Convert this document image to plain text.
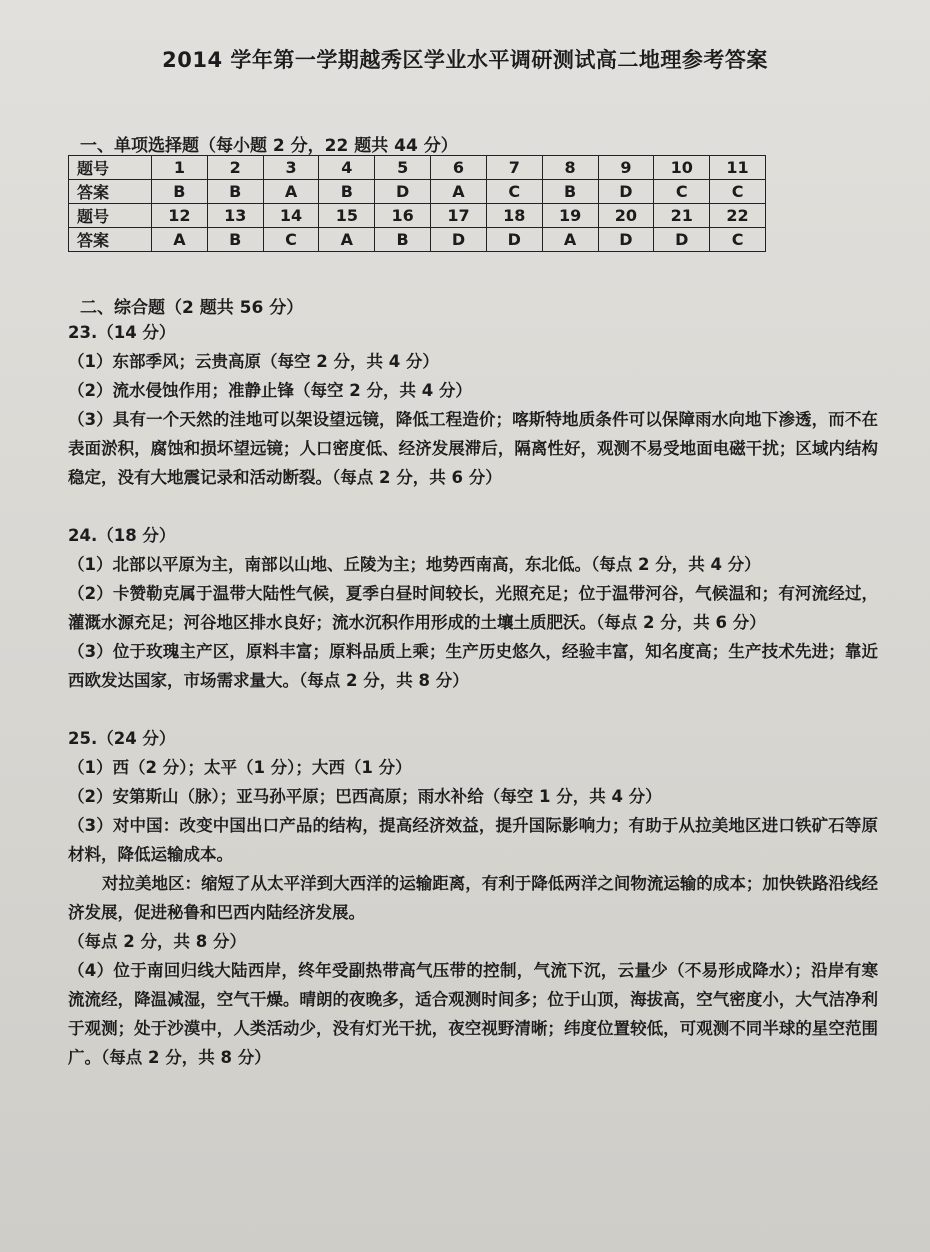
2014 学年第一学期越秀区学业水平调研测试高二地理参考答案
一、单项选择题（每小题 2 分，22 题共 44 分）
题号	1	2	3	4	5	6	7	8	9	10	11
答案	B	B	A	B	D	A	C	B	D	C	C
题号	12	13	14	15	16	17	18	19	20	21	22
答案	A	B	C	A	B	D	D	A	D	D	C
二、综合题（2 题共 56 分）

23.（14 分）

（1）东部季风；云贵高原（每空 2 分，共 4 分）

（2）流水侵蚀作用；准静止锋（每空 2 分，共 4 分）

（3）具有一个天然的洼地可以架设望远镜，降低工程造价；喀斯特地质条件可以保障雨水向地下渗透，而不在表面淤积，腐蚀和损坏望远镜；人口密度低、经济发展滞后，隔离性好，观测不易受地面电磁干扰；区域内结构稳定，没有大地震记录和活动断裂。（每点 2 分，共 6 分）

24.（18 分）

（1）北部以平原为主，南部以山地、丘陵为主；地势西南高，东北低。（每点 2 分，共 4 分）

（2）卡赞勒克属于温带大陆性气候，夏季白昼时间较长，光照充足；位于温带河谷，气候温和；有河流经过，灌溉水源充足；河谷地区排水良好；流水沉积作用形成的土壤土质肥沃。（每点 2 分，共 6 分）

（3）位于玫瑰主产区，原料丰富；原料品质上乘；生产历史悠久，经验丰富，知名度高；生产技术先进；靠近西欧发达国家，市场需求量大。（每点 2 分，共 8 分）

25.（24 分）

（1）西（2 分）；太平（1 分）；大西（1 分）

（2）安第斯山（脉）；亚马孙平原；巴西高原；雨水补给（每空 1 分，共 4 分）

（3）对中国：改变中国出口产品的结构，提高经济效益，提升国际影响力；有助于从拉美地区进口铁矿石等原材料，降低运输成本。

对拉美地区：缩短了从太平洋到大西洋的运输距离，有利于降低两洋之间物流运输的成本；加快铁路沿线经济发展，促进秘鲁和巴西内陆经济发展。

（每点 2 分，共 8 分）

（4）位于南回归线大陆西岸，终年受副热带高气压带的控制，气流下沉，云量少（不易形成降水）；沿岸有寒流流经，降温减湿，空气干燥。晴朗的夜晚多，适合观测时间多；位于山顶，海拔高，空气密度小，大气洁净利于观测；处于沙漠中，人类活动少，没有灯光干扰，夜空视野清晰；纬度位置较低，可观测不同半球的星空范围广。（每点 2 分，共 8 分）
